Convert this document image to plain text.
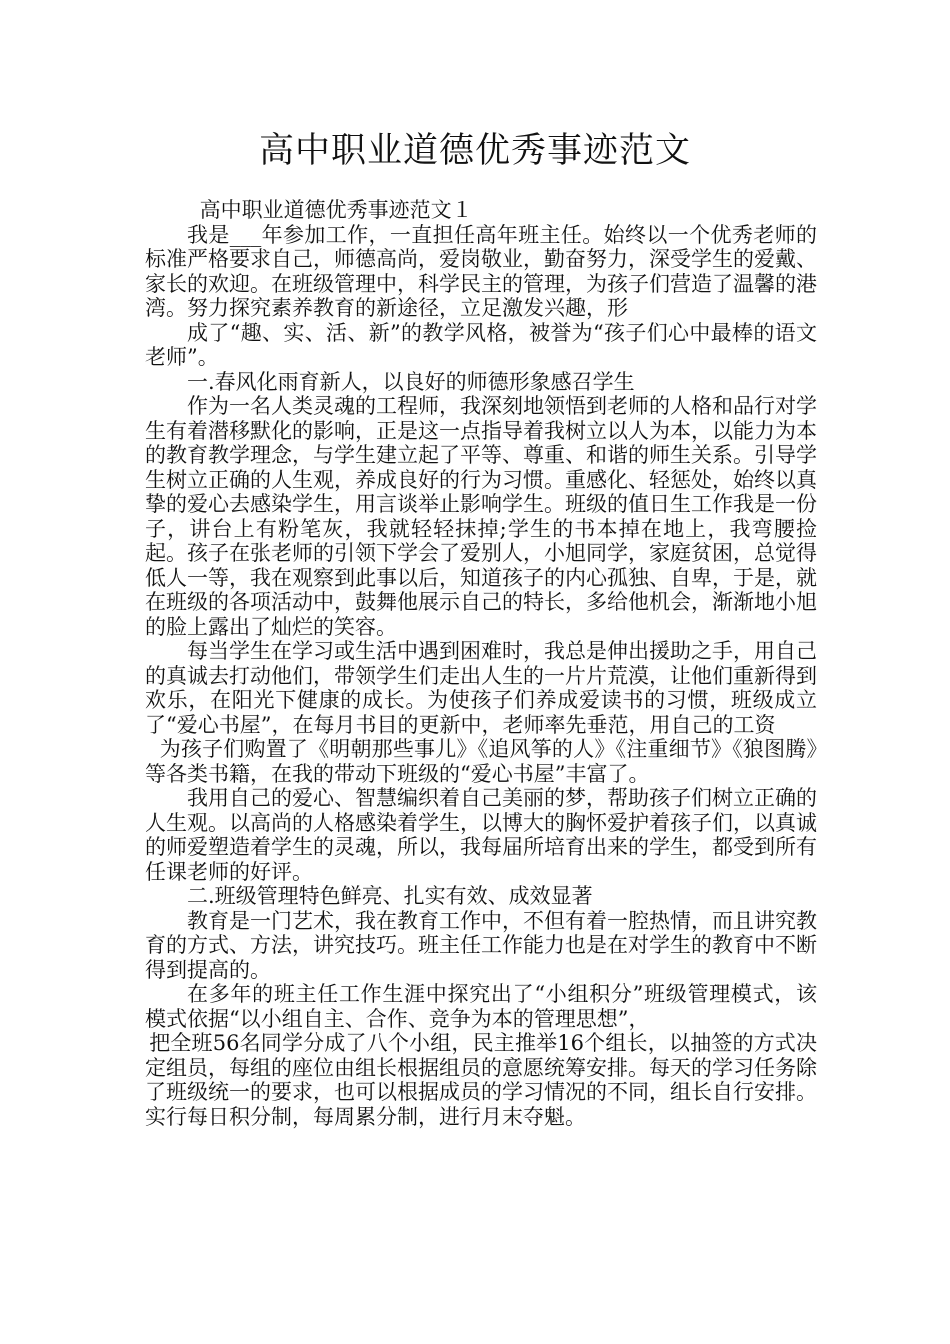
高中职业道德优秀事迹范文

高中职业道德优秀事迹范文１

我是___年参加工作，一直担任高年班主任。始终以一个优秀老师的标准严格要求自己，师德高尚，爱岗敬业，勤奋努力，深受学生的爱戴、家长的欢迎。在班级管理中，科学民主的管理，为孩子们营造了温馨的港湾。努力探究素养教育的新途径，立足激发兴趣，形

成了“趣、实、活、新”的教学风格，被誉为“孩子们心中最棒的语文老师”。

一.春风化雨育新人，以良好的师德形象感召学生

作为一名人类灵魂的工程师，我深刻地领悟到老师的人格和品行对学生有着潜移默化的影响，正是这一点指导着我树立以人为本，以能力为本的教育教学理念，与学生建立起了平等、尊重、和谐的师生关系。引导学生树立正确的人生观，养成良好的行为习惯。重感化、轻惩处，始终以真挚的爱心去感染学生，用言谈举止影响学生。班级的值日生工作我是一份子，讲台上有粉笔灰，我就轻轻抹掉;学生的书本掉在地上，我弯腰捡起。孩子在张老师的引领下学会了爱别人，小旭同学，家庭贫困，总觉得低人一等，我在观察到此事以后，知道孩子的内心孤独、自卑，于是，就在班级的各项活动中，鼓舞他展示自己的特长，多给他机会，渐渐地小旭的脸上露出了灿烂的笑容。

每当学生在学习或生活中遇到困难时，我总是伸出援助之手，用自己的真诚去打动他们，带领学生们走出人生的一片片荒漠，让他们重新得到欢乐，在阳光下健康的成长。为使孩子们养成爱读书的习惯，班级成立了“爱心书屋”，在每月书目的更新中，老师率先垂范，用自己的工资

为孩子们购置了《明朝那些事儿》《追风筝的人》《注重细节》《狼图腾》等各类书籍，在我的带动下班级的“爱心书屋”丰富了。

我用自己的爱心、智慧编织着自己美丽的梦，帮助孩子们树立正确的人生观。以高尚的人格感染着学生，以博大的胸怀爱护着孩子们，以真诚的师爱塑造着学生的灵魂，所以，我每届所培育出来的学生，都受到所有任课老师的好评。

二.班级管理特色鲜亮、扎实有效、成效显著

教育是一门艺术，我在教育工作中，不但有着一腔热情，而且讲究教育的方式、方法，讲究技巧。班主任工作能力也是在对学生的教育中不断得到提高的。

在多年的班主任工作生涯中探究出了“小组积分”班级管理模式，该模式依据“以小组自主、合作、竞争为本的管理思想”，

把全班56名同学分成了八个小组，民主推举16个组长，以抽签的方式决定组员，每组的座位由组长根据组员的意愿统筹安排。每天的学习任务除了班级统一的要求，也可以根据成员的学习情况的不同，组长自行安排。实行每日积分制，每周累分制，进行月末夺魁。
